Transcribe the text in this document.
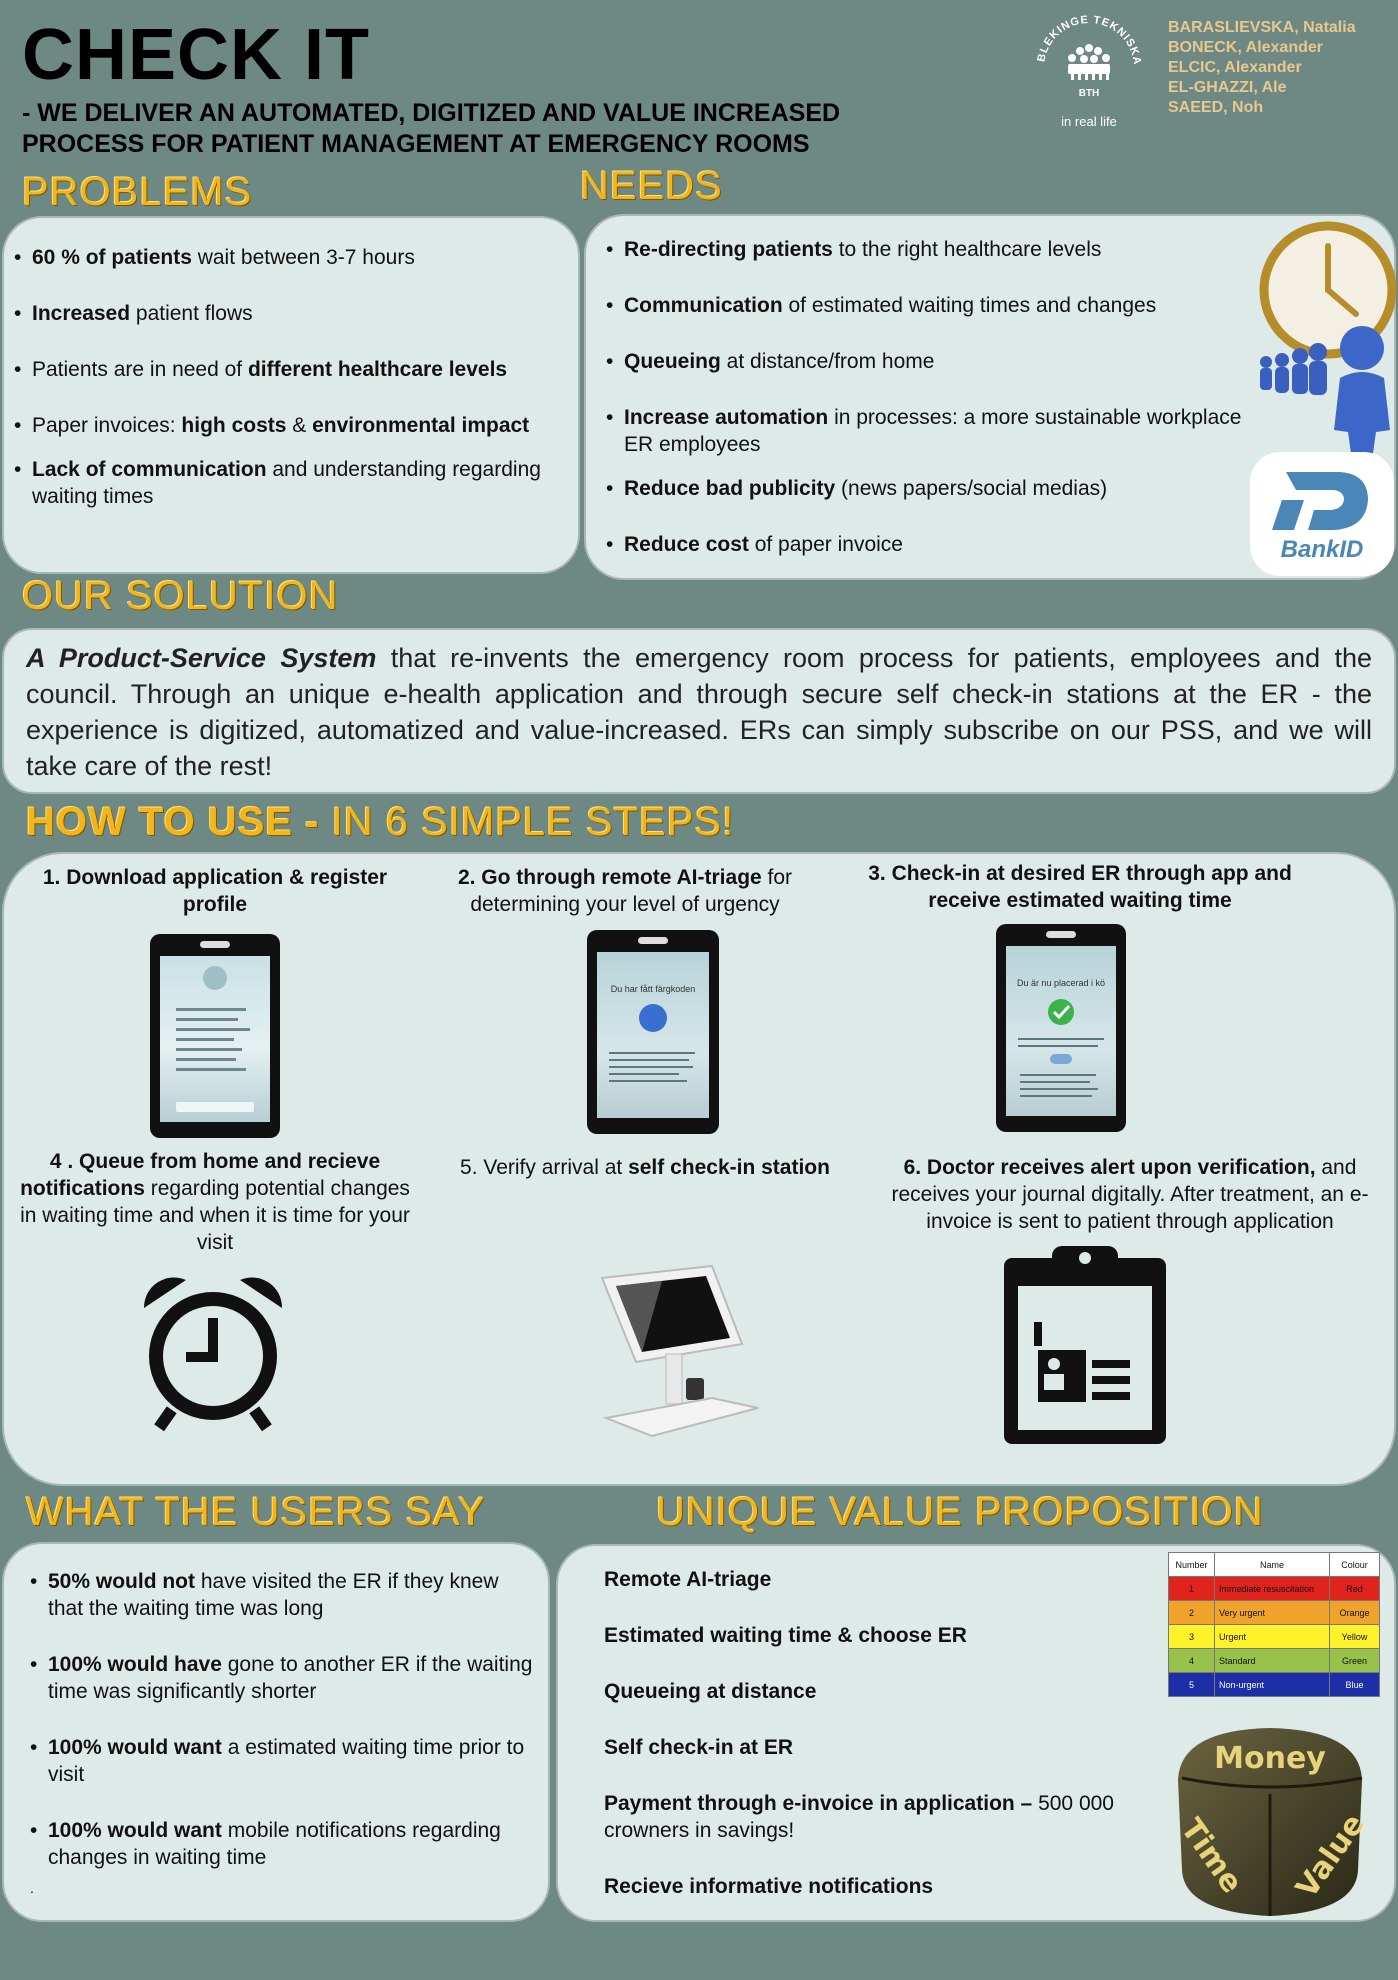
CHECK IT
- WE DELIVER AN AUTOMATED, DIGITIZED AND VALUE INCREASED
PROCESS FOR PATIENT MANAGEMENT AT EMERGENCY ROOMS
BLEKINGE TEKNISKA
BTH
in real life
BARASLIEVSKA, Natalia
BONECK, Alexander
ELCIC, Alexander
EL-GHAZZI, Ale
SAEED, Noh
PROBLEMS
• 60 % of patients wait between 3-7 hours
• Increased patient flows
• Patients are in need of different healthcare levels
• Paper invoices: high costs & environmental impact
• Lack of communication and understanding regarding waiting times
NEEDS
• Re-directing patients to the right healthcare levels
• Communication of estimated waiting times and changes
• Queueing at distance/from home
• Increase automation in processes: a more sustainable workplace ER employees
• Reduce bad publicity (news papers/social medias)
• Reduce cost of paper invoice	BankID
OUR SOLUTION

A Product-Service System that re-invents the emergency room process for patients, employees and the council. Through an unique e-health application and through secure self check-in stations at the ER - the experience is digitized, automatized and value-increased. ERs can simply subscribe on our PSS, and we will take care of the rest!

HOW TO USE - IN 6 SIMPLE STEPS!
1. Download application & register profile
2. Go through remote AI-triage for determining your level of urgency
Du har fått färgkoden
3. Check-in at desired ER through app and receive estimated waiting time
Du är nu placerad i kö
4 . Queue from home and recieve notifications regarding potential changes in waiting time and when it is time for your visit
5. Verify arrival at self check-in station	6. Doctor receives alert upon verification, and receives your journal digitally. After treatment, an e-invoice is sent to patient through application
WHAT THE USERS SAY
• 50% would not have visited the ER if they knew that the waiting time was long
• 100% would have gone to another ER if the waiting time was significantly shorter
• 100% would want a estimated waiting time prior to visit
• 100% would want mobile notifications regarding changes in waiting time
.
UNIQUE VALUE PROPOSITION
Remote AI-triage
Estimated waiting time & choose ER
Queueing at distance
Self check-in at ER
Payment through e-invoice in application – 500 000 crowners in savings!
Recieve informative notifications
Number	Name	Colour
1	Immediate resuscitation	Red
2	Very urgent	Orange
3	Urgent	Yellow
4	Standard	Green
5	Non-urgent	Blue
Money
Time Value
